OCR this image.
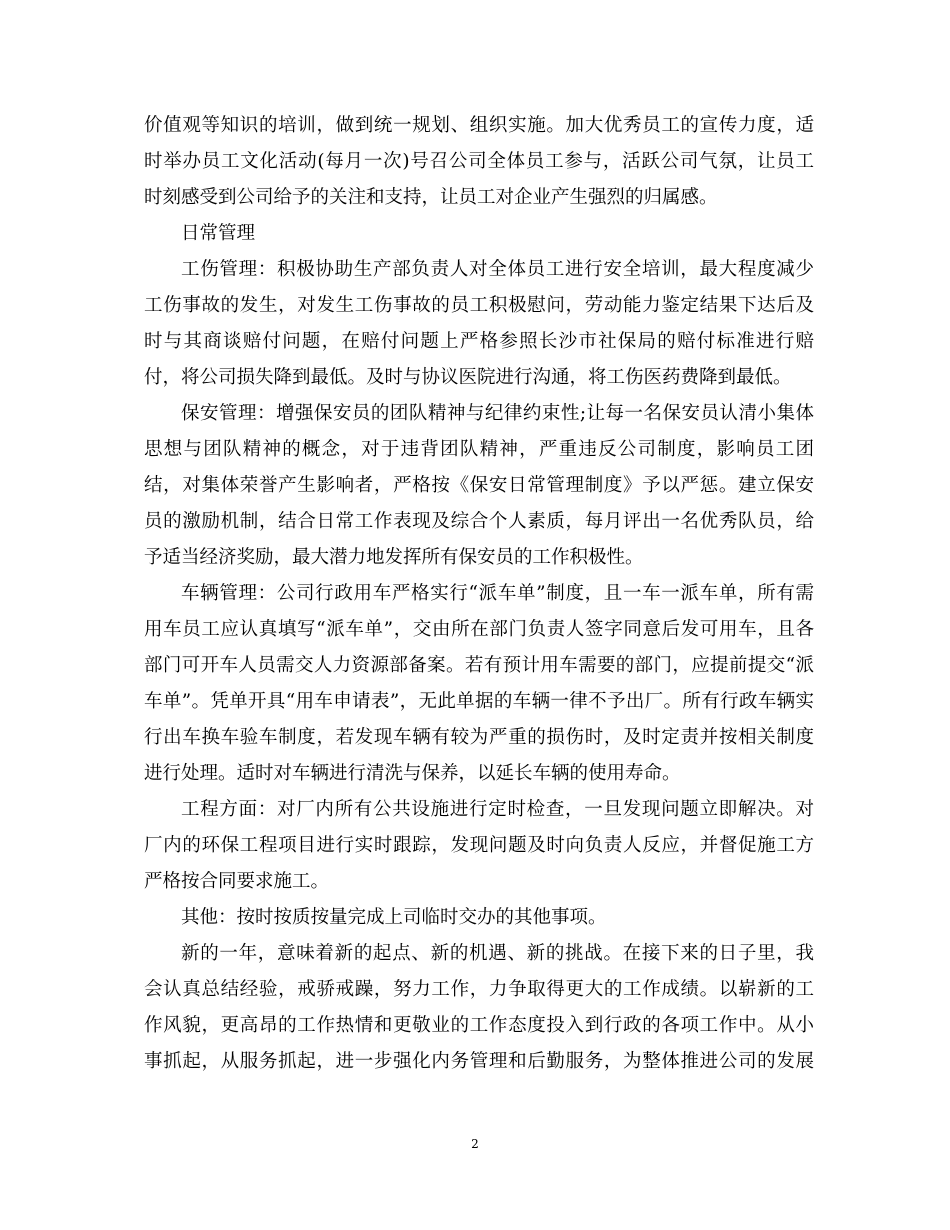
价值观等知识的培训，做到统一规划、组织实施。加大优秀员工的宣传力度，适
时举办员工文化活动(每月一次)号召公司全体员工参与，活跃公司气氛，让员工
时刻感受到公司给予的关注和支持，让员工对企业产生强烈的归属感。
日常管理
工伤管理：积极协助生产部负责人对全体员工进行安全培训，最大程度减少
工伤事故的发生，对发生工伤事故的员工积极慰问，劳动能力鉴定结果下达后及
时与其商谈赔付问题，在赔付问题上严格参照长沙市社保局的赔付标准进行赔
付，将公司损失降到最低。及时与协议医院进行沟通，将工伤医药费降到最低。
保安管理：增强保安员的团队精神与纪律约束性;让每一名保安员认清小集体
思想与团队精神的概念，对于违背团队精神，严重违反公司制度，影响员工团
结，对集体荣誉产生影响者，严格按《保安日常管理制度》予以严惩。建立保安
员的激励机制，结合日常工作表现及综合个人素质，每月评出一名优秀队员，给
予适当经济奖励，最大潜力地发挥所有保安员的工作积极性。
车辆管理：公司行政用车严格实行“派车单”制度，且一车一派车单，所有需
用车员工应认真填写“派车单”，交由所在部门负责人签字同意后发可用车，且各
部门可开车人员需交人力资源部备案。若有预计用车需要的部门，应提前提交“派
车单”。凭单开具“用车申请表”，无此单据的车辆一律不予出厂。所有行政车辆实
行出车换车验车制度，若发现车辆有较为严重的损伤时，及时定责并按相关制度
进行处理。适时对车辆进行清洗与保养，以延长车辆的使用寿命。
工程方面：对厂内所有公共设施进行定时检查，一旦发现问题立即解决。对
厂内的环保工程项目进行实时跟踪，发现问题及时向负责人反应，并督促施工方
严格按合同要求施工。
其他：按时按质按量完成上司临时交办的其他事项。
新的一年，意味着新的起点、新的机遇、新的挑战。在接下来的日子里，我
会认真总结经验，戒骄戒躁，努力工作，力争取得更大的工作成绩。以崭新的工
作风貌，更高昂的工作热情和更敬业的工作态度投入到行政的各项工作中。从小
事抓起，从服务抓起，进一步强化内务管理和后勤服务，为整体推进公司的发展
2
